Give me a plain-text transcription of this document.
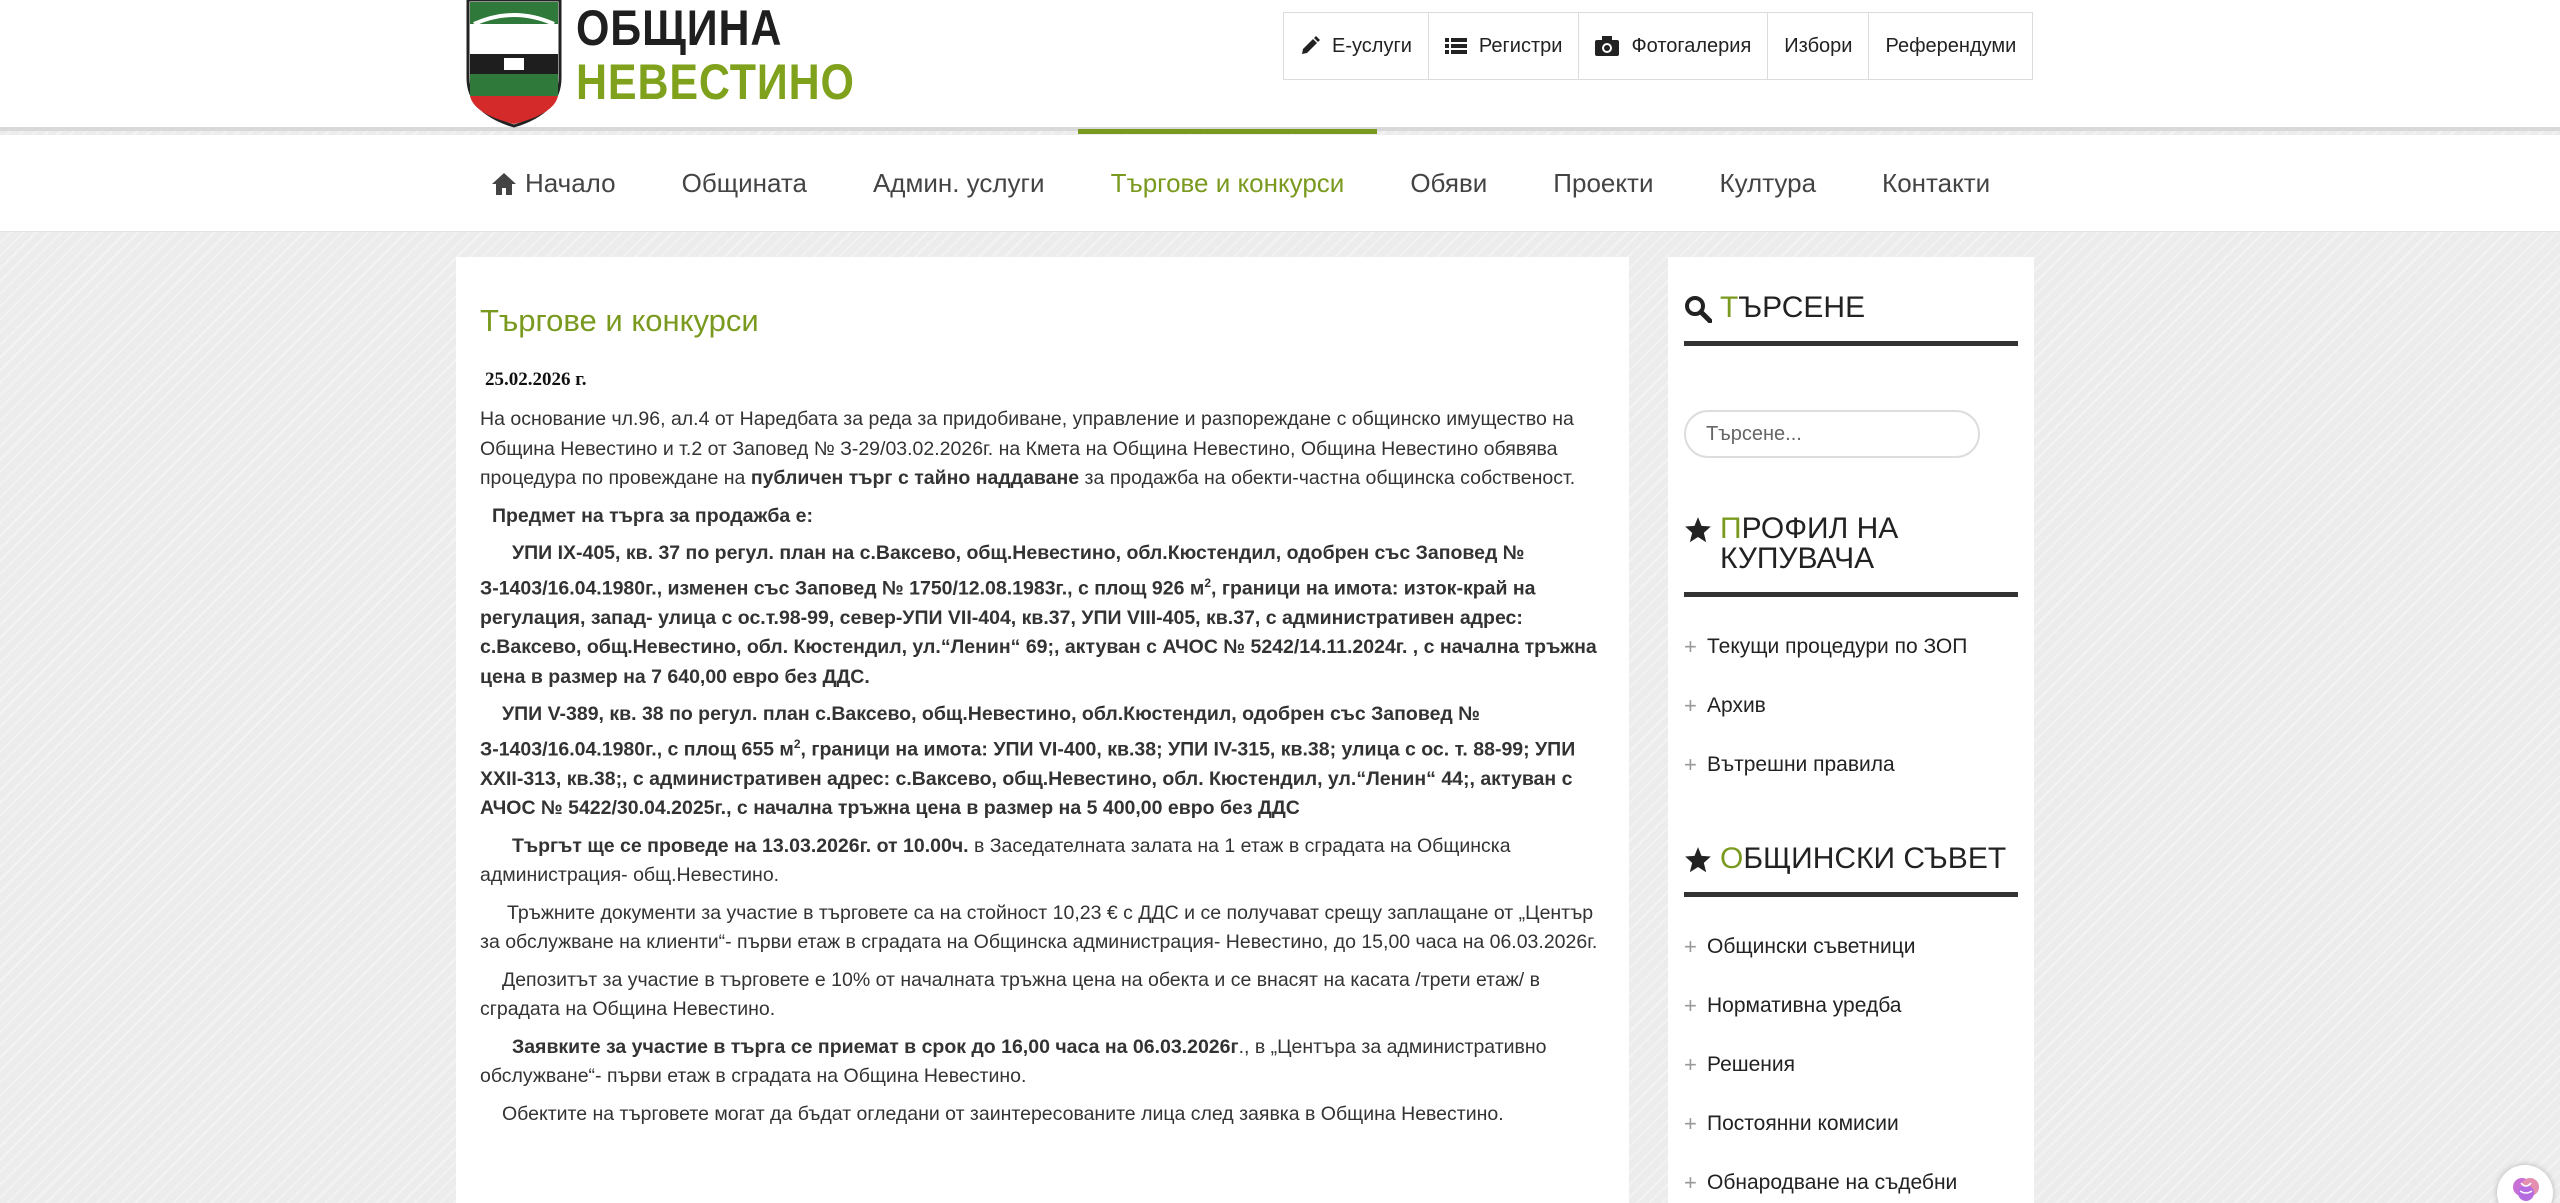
ОБЩИНА
НЕВЕСТИНО
Е-услуги	Регистри	Фотогалерия Избори Референдуми
Начало	Общината	Админ. услуги	Търгове и конкурси	Обяви	Проекти	Култура	Контакти
Търгове и конкурси
25.02.2026 г.

На основание чл.96, ал.4 от Наредбата за реда за придобиване, управление и разпореждане с общинско имущество на Община Невестино и т.2 от Заповед № З-29/03.02.2026г. на Кмета на Община Невестино, Община Невестино обявява процедура по провеждане на публичен търг с тайно наддаване за продажба на обекти-частна общинска собственост.

Предмет на търга за продажба е:

УПИ ІХ-405, кв. 37 по регул. план на с.Ваксево, общ.Невестино, обл.Кюстендил, одобрен със Заповед № З-1403/16.04.1980г., изменен със Заповед № 1750/12.08.1983г., с площ 926 $м^2$, граници на имота: изток-край на регулация, запад- улица с ос.т.98-99, север-УПИ VІІ-404, кв.37, УПИ VІІІ-405, кв.37, с административен адрес: с.Ваксево, общ.Невестино, обл. Кюстендил, ул.“Ленин“ 69;, актуван с АЧОС № 5242/14.11.2024г. , с начална тръжна цена в размер на 7 640,00 евро без ДДС.

УПИ V-389, кв. 38 по регул. план с.Ваксево, общ.Невестино, обл.Кюстендил, одобрен със Заповед № З-1403/16.04.1980г., с площ 655 $м^2$, граници на имота: УПИ VІ-400, кв.38; УПИ ІV-315, кв.38; улица с ос. т. 88-99; УПИ ХХІІ-313, кв.38;, с административен адрес: с.Ваксево, общ.Невестино, обл. Кюстендил, ул.“Ленин“ 44;, актуван с АЧОС № 5422/30.04.2025г., с начална тръжна цена в размер на 5 400,00 евро без ДДС

Търгът ще се проведе на 13.03.2026г. от 10.00ч. в Заседателната залата на 1 етаж в сградата на Общинска администрация- общ.Невестино.

Тръжните документи за участие в търговете са на стойност 10,23 € с ДДС и се получават срещу заплащане от „Център за обслужване на клиенти“- първи етаж в сградата на Общинска администрация- Невестино, до 15,00 часа на 06.03.2026г.

Депозитът за участие в търговете е 10% от началната тръжна цена на обекта и се внасят на касата /трети етаж/ в сградата на Община Невестино.

Заявките за участие в търга се приемат в срок до 16,00 часа на 06.03.2026г., в „Центъра за административно обслужване“- първи етаж в сградата на Община Невестино.

Обектите на търговете могат да бъдат огледани от заинтересованите лица след заявка в Община Невестино.

ТЪРСЕНЕ
Търсене...
ПРОФИЛ НА
КУПУВАЧА
+ Текущи процедури по ЗОП
+ Архив
+ Вътрешни правила
ОБЩИНСКИ СЪВЕТ
+ Общински съветници
+ Нормативна уредба
+ Решения
+ Постоянни комисии
+ Обнародване на съдебни
